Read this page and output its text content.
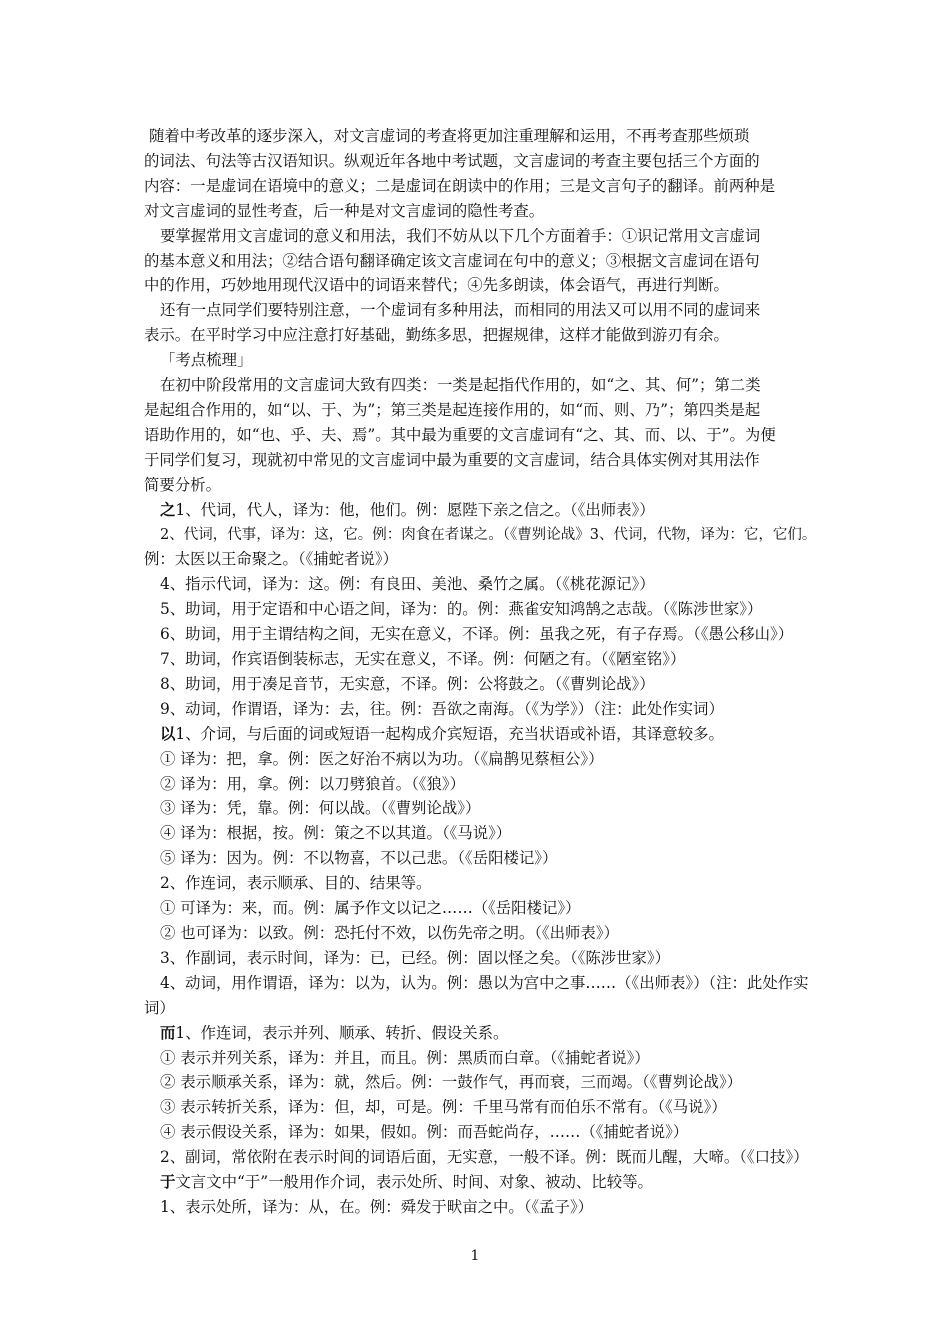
随着中考改革的逐步深入，对文言虚词的考查将更加注重理解和运用，不再考查那些烦琐
的词法、句法等古汉语知识。纵观近年各地中考试题，文言虚词的考查主要包括三个方面的
内容：一是虚词在语境中的意义；二是虚词在朗读中的作用；三是文言句子的翻译。前两种是
对文言虚词的显性考查，后一种是对文言虚词的隐性考查。

要掌握常用文言虚词的意义和用法，我们不妨从以下几个方面着手：①识记常用文言虚词
的基本意义和用法；②结合语句翻译确定该文言虚词在句中的意义；③根据文言虚词在语句
中的作用，巧妙地用现代汉语中的词语来替代；④先多朗读，体会语气，再进行判断。

还有一点同学们要特别注意，一个虚词有多种用法，而相同的用法又可以用不同的虚词来
表示。在平时学习中应注意打好基础，勤练多思，把握规律，这样才能做到游刃有余。

「考点梳理」

在初中阶段常用的文言虚词大致有四类：一类是起指代作用的，如“之、其、何”；第二类
是起组合作用的，如“以、于、为”；第三类是起连接作用的，如“而、则、乃”；第四类是起
语助作用的，如“也、乎、夫、焉”。其中最为重要的文言虚词有“之、其、而、以、于”。为便
于同学们复习，现就初中常见的文言虚词中最为重要的文言虚词，结合具体实例对其用法作
简要分析。

之1、代词，代人，译为：他，他们。例：愿陛下亲之信之。（《出师表》）

2、代词，代事，译为：这，它。例：肉食在者谋之。（《曹刿论战》3、代词，代物，译为：它，它们。
例：太医以王命聚之。（《捕蛇者说》）

4、指示代词，译为：这。例：有良田、美池、桑竹之属。（《桃花源记》）

5、助词，用于定语和中心语之间，译为：的。例：燕雀安知鸿鹄之志哉。（《陈涉世家》）

6、助词，用于主谓结构之间，无实在意义，不译。例：虽我之死，有子存焉。（《愚公移山》）

7、助词，作宾语倒装标志，无实在意义，不译。例：何陋之有。（《陋室铭》）

8、助词，用于凑足音节，无实意，不译。例：公将鼓之。（《曹刿论战》）

9、动词，作谓语，译为：去，往。例：吾欲之南海。（《为学》）（注：此处作实词）

以1、介词，与后面的词或短语一起构成介宾短语，充当状语或补语，其译意较多。

① 译为：把，拿。例：医之好治不病以为功。（《扁鹊见蔡桓公》）

② 译为：用，拿。例：以刀劈狼首。（《狼》）

③ 译为：凭，靠。例：何以战。（《曹刿论战》）

④ 译为：根据，按。例：策之不以其道。（《马说》）

⑤ 译为：因为。例：不以物喜，不以己悲。（《岳阳楼记》）

2、作连词，表示顺承、目的、结果等。

① 可译为：来，而。例：属予作文以记之……（《岳阳楼记》）

② 也可译为：以致。例：恐托付不效，以伤先帝之明。（《出师表》）

3、作副词，表示时间，译为：已，已经。例：固以怪之矣。（《陈涉世家》）

4、动词，用作谓语，译为：以为，认为。例：愚以为宫中之事……（《出师表》）（注：此处作实
词）

而1、作连词，表示并列、顺承、转折、假设关系。

① 表示并列关系，译为：并且，而且。例：黑质而白章。（《捕蛇者说》）

② 表示顺承关系，译为：就，然后。例：一鼓作气，再而衰，三而竭。（《曹刿论战》）

③ 表示转折关系，译为：但，却，可是。例：千里马常有而伯乐不常有。（《马说》）

④ 表示假设关系，译为：如果，假如。例：而吾蛇尚存，……（《捕蛇者说》）

2、副词，常依附在表示时间的词语后面，无实意，一般不译。例：既而儿醒，大啼。（《口技》）

于文言文中“于”一般用作介词，表示处所、时间、对象、被动、比较等。

1、表示处所，译为：从，在。例：舜发于畎亩之中。（《孟子》）

1
